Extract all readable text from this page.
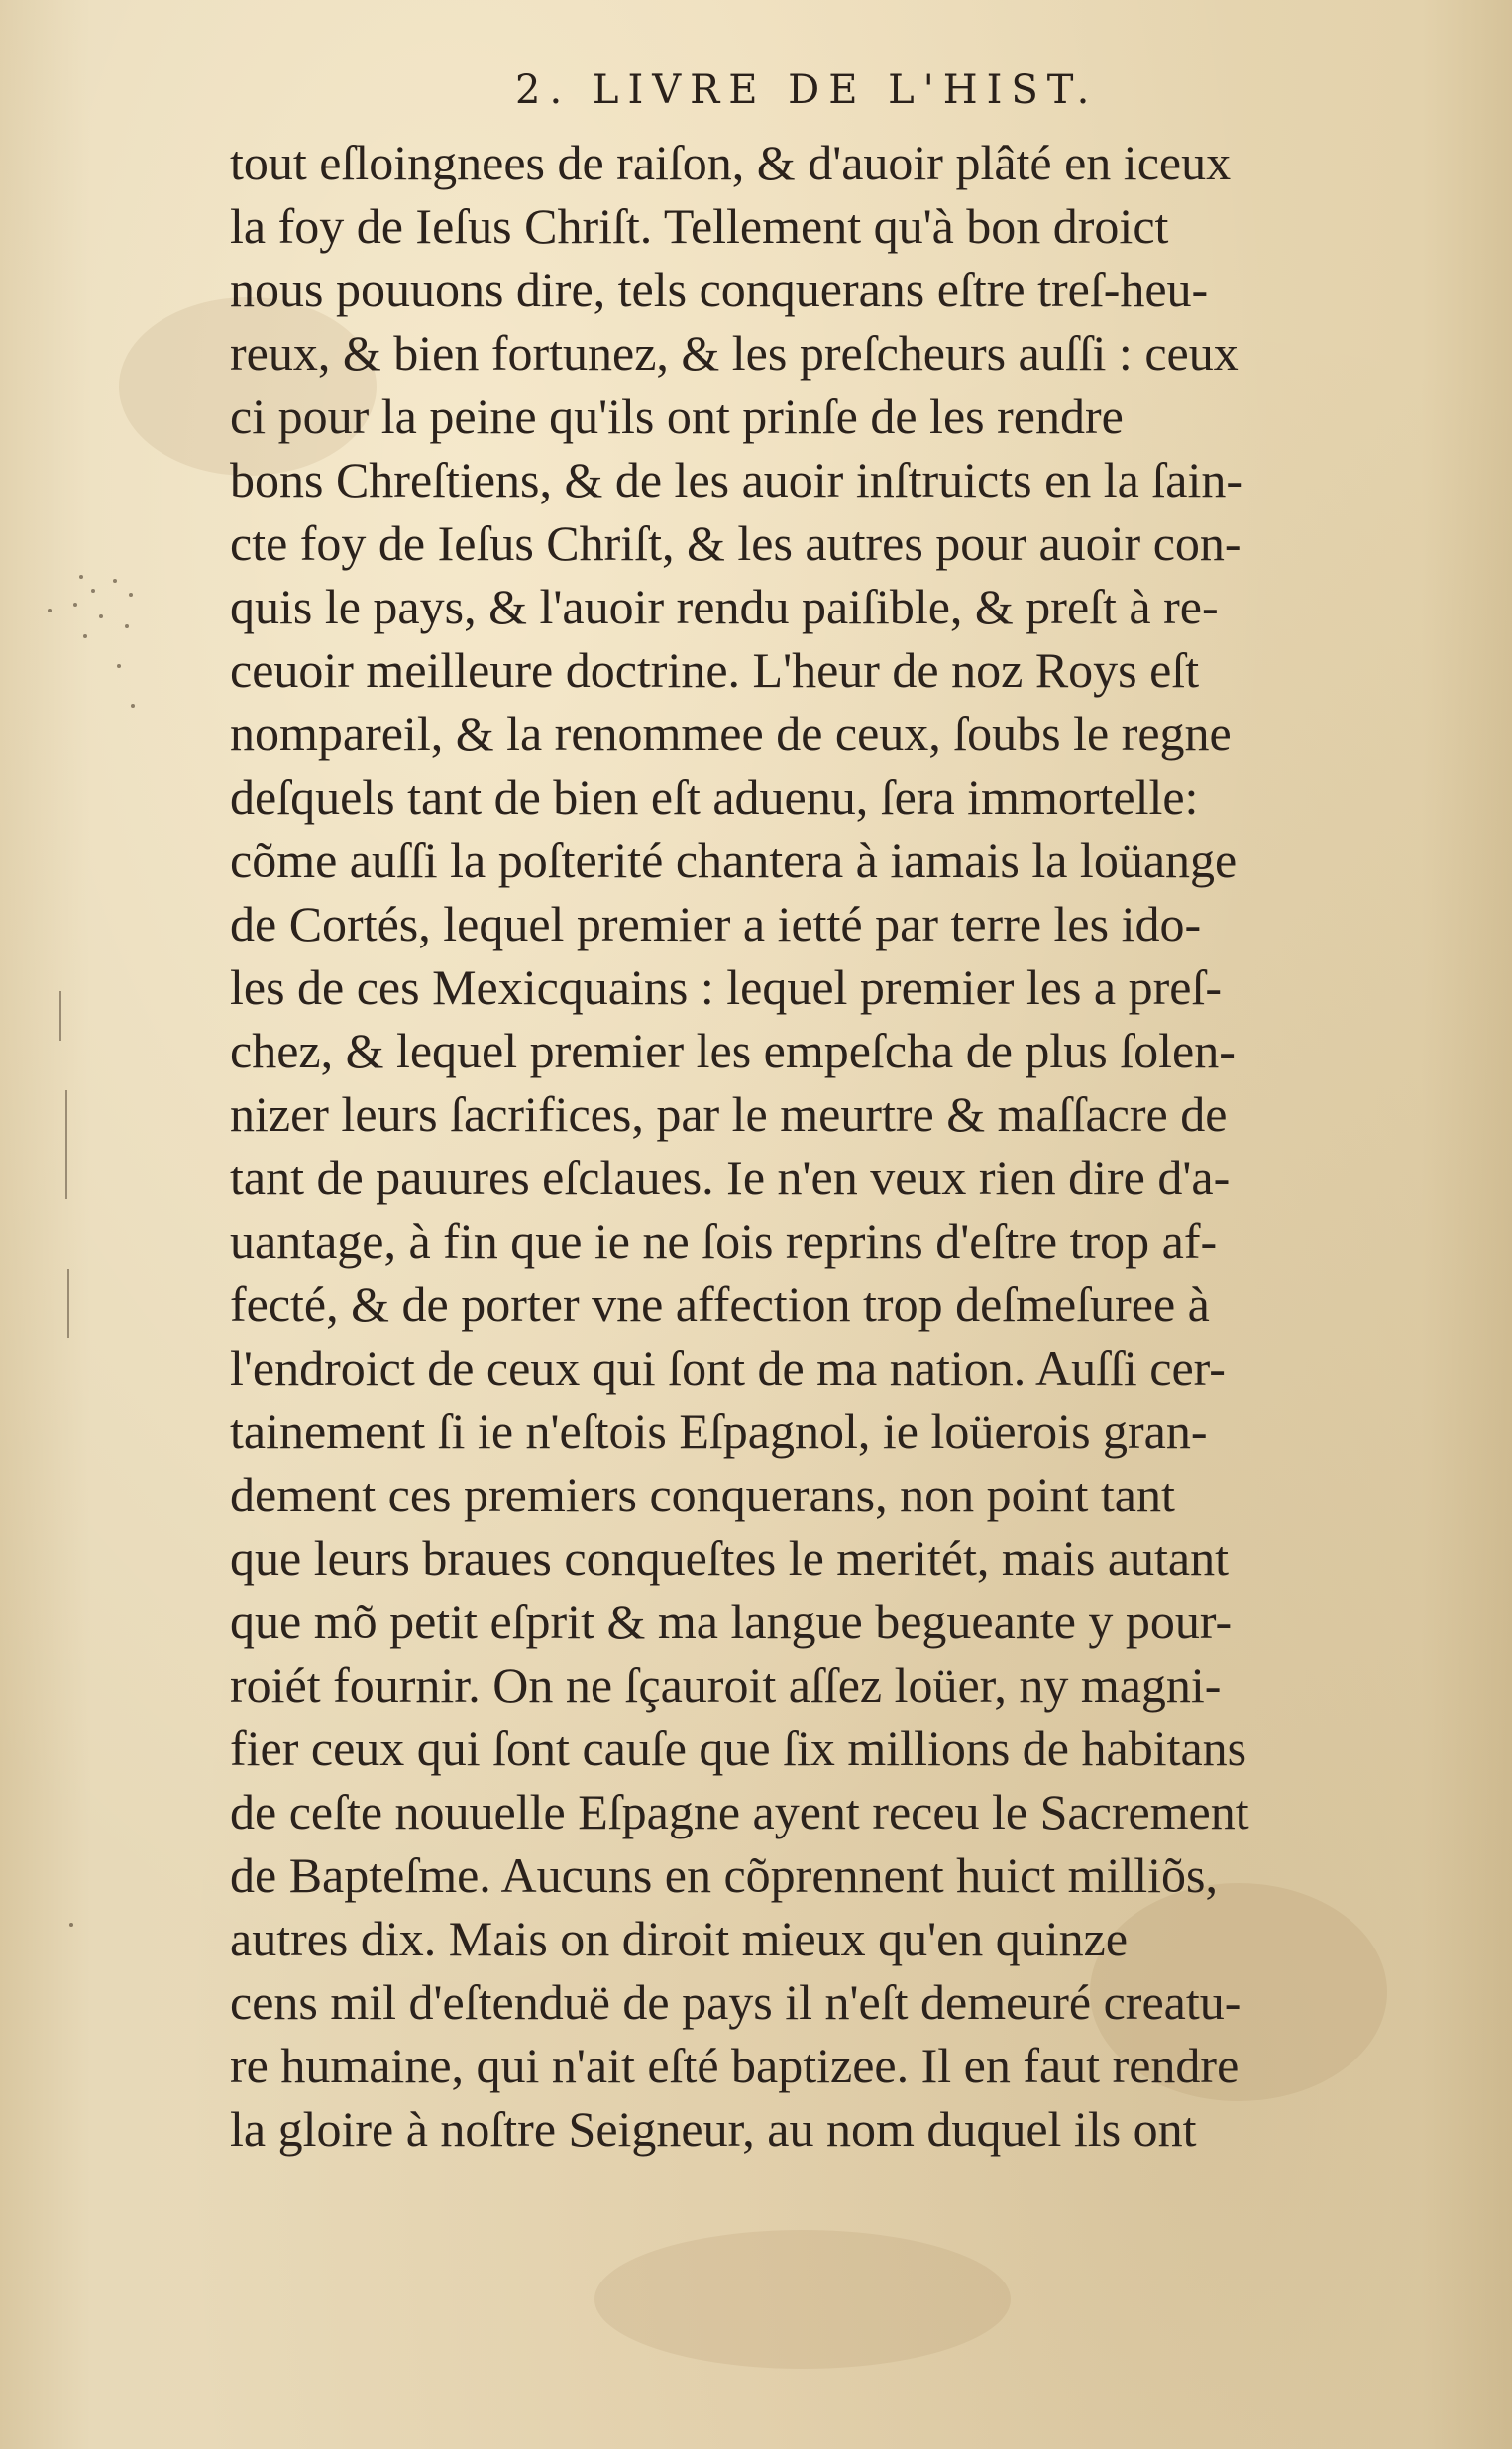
2. LIVRE DE L'HIST.
tout eſloingnees de raiſon, & d'auoir plâté en iceux
la foy de Ieſus Chriſt. Tellement qu'à bon droict
nous pouuons dire, tels conquerans eſtre treſ-heu-
reux, & bien fortunez, & les preſcheurs auſſi : ceux
ci pour la peine qu'ils ont prinſe de les rendre
bons Chreſtiens, & de les auoir inſtruicts en la ſain-
cte foy de Ieſus Chriſt, & les autres pour auoir con-
quis le pays, & l'auoir rendu paiſible, & preſt à re-
ceuoir meilleure doctrine. L'heur de noz Roys eſt
nompareil, & la renommee de ceux, ſoubs le regne
deſquels tant de bien eſt aduenu, ſera immortelle:
cõme auſſi la poſterité chantera à iamais la loüange
de Cortés, lequel premier a ietté par terre les ido-
les de ces Mexicquains : lequel premier les a preſ-
chez, & lequel premier les empeſcha de plus ſolen-
nizer leurs ſacrifices, par le meurtre & maſſacre de
tant de pauures eſclaues. Ie n'en veux rien dire d'a-
uantage, à fin que ie ne ſois reprins d'eſtre trop af-
fecté, & de porter vne affection trop deſmeſuree à
l'endroict de ceux qui ſont de ma nation. Auſſi cer-
tainement ſi ie n'eſtois Eſpagnol, ie loüerois gran-
dement ces premiers conquerans, non point tant
que leurs braues conqueſtes le meritét, mais autant
que mõ petit eſprit & ma langue begueante y pour-
roiét fournir. On ne ſçauroit aſſez loüer, ny magni-
fier ceux qui ſont cauſe que ſix millions de habitans
de ceſte nouuelle Eſpagne ayent receu le Sacrement
de Bapteſme. Aucuns en cõprennent huict milliõs,
autres dix. Mais on diroit mieux qu'en quinze
cens mil d'eſtenduë de pays il n'eſt demeuré creatu-
re humaine, qui n'ait eſté baptizee. Il en faut rendre
la gloire à noſtre Seigneur, au nom duquel ils ont
